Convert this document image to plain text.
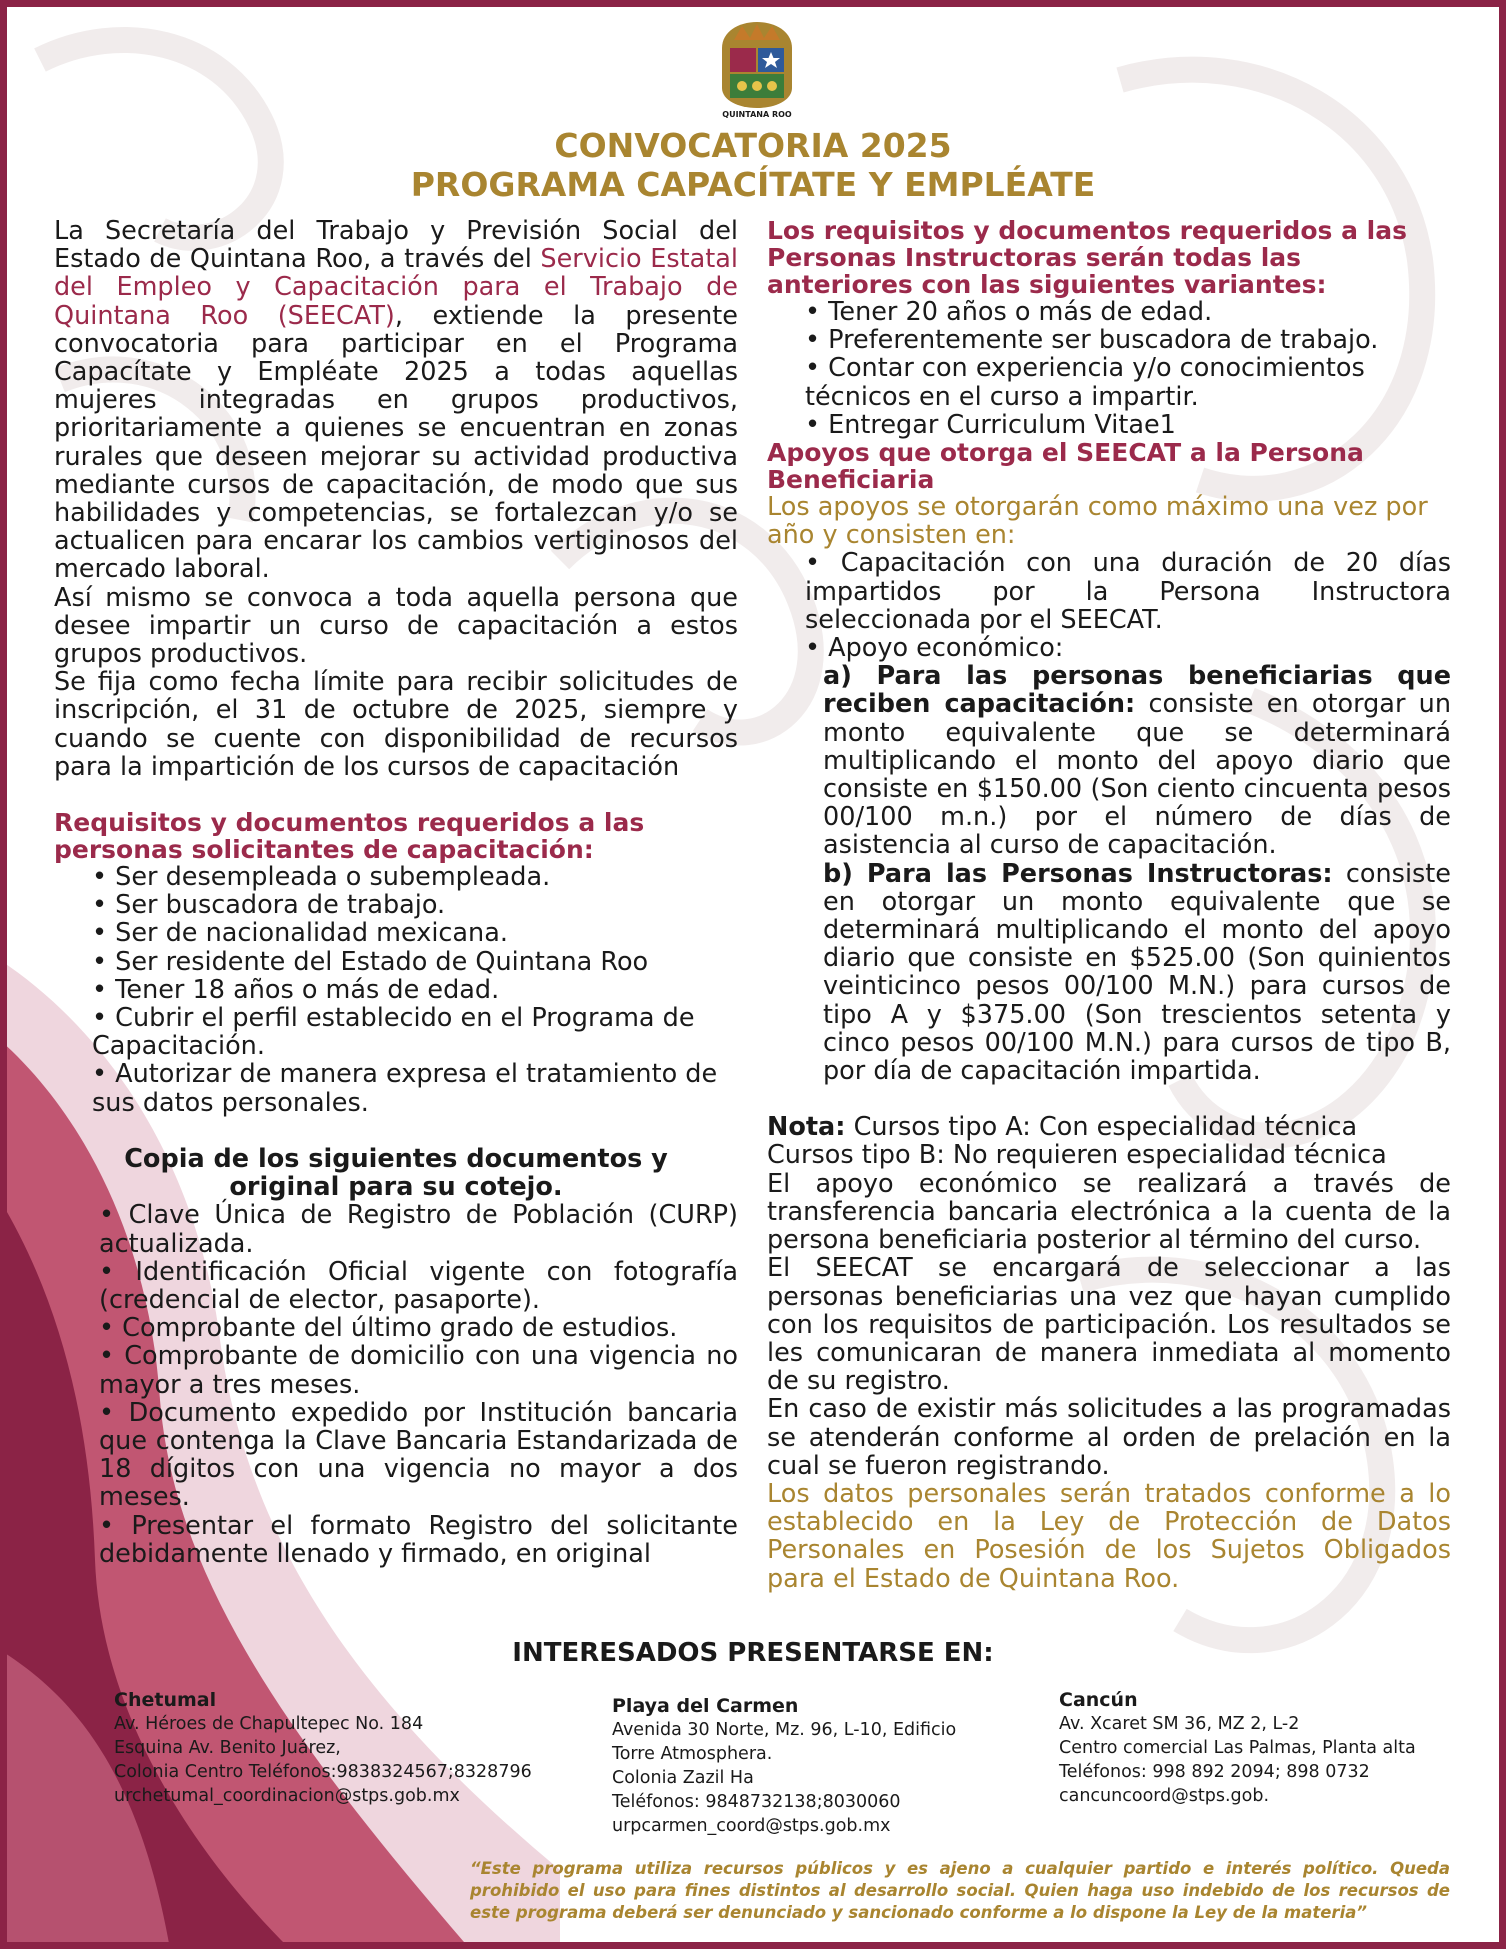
QUINTANA ROO
CONVOCATORIA 2025
PROGRAMA CAPACÍTATE Y EMPLÉATE

La Secretaría del Trabajo y Previsión Social del Estado de Quintana Roo, a través del Servicio Estatal del Empleo y Capacitación para el Trabajo de Quintana Roo (SEECAT), extiende la presente convocatoria para participar en el Programa Capacítate y Empléate 2025 a todas aquellas mujeres integradas en grupos productivos, prioritariamente a quienes se encuentran en zonas rurales que deseen mejorar su actividad productiva mediante cursos de capacitación, de modo que sus habilidades y competencias, se fortalezcan y/o se actualicen para encarar los cambios vertiginosos del mercado laboral.

Así mismo se convoca a toda aquella persona que desee impartir un curso de capacitación a estos grupos productivos.

Se fija como fecha límite para recibir solicitudes de inscripción, el 31 de octubre de 2025, siempre y cuando se cuente con disponibilidad de recursos para la impartición de los cursos de capacitación

Requisitos y documentos requeridos a las personas solicitantes de capacitación:

• Ser desempleada o subempleada.

• Ser buscadora de trabajo.

• Ser de nacionalidad mexicana.

• Ser residente del Estado de Quintana Roo

• Tener 18 años o más de edad.

• Cubrir el perfil establecido en el Programa de Capacitación.

• Autorizar de manera expresa el tratamiento de sus datos personales.

Copia de los siguientes documentos y original para su cotejo.

• Clave Única de Registro de Población (CURP) actualizada.

• Identificación Oficial vigente con fotografía (credencial de elector, pasaporte).

• Comprobante del último grado de estudios.

• Comprobante de domicilio con una vigencia no mayor a tres meses.

• Documento expedido por Institución bancaria que contenga la Clave Bancaria Estandarizada de 18 dígitos con una vigencia no mayor a dos meses.

• Presentar el formato Registro del solicitante debidamente llenado y firmado, en original

Los requisitos y documentos requeridos a las Personas Instructoras serán todas las anteriores con las siguientes variantes:

• Tener 20 años o más de edad.

• Preferentemente ser buscadora de trabajo.

• Contar con experiencia y/o conocimientos técnicos en el curso a impartir.

• Entregar Curriculum Vitae1

Apoyos que otorga el SEECAT a la Persona Beneficiaria

Los apoyos se otorgarán como máximo una vez por año y consisten en:

• Capacitación con una duración de 20 días impartidos por la Persona Instructora seleccionada por el SEECAT.

• Apoyo económico:

a) Para las personas beneficiarias que reciben capacitación: consiste en otorgar un monto equivalente que se determinará multiplicando el monto del apoyo diario que consiste en $150.00 (Son ciento cincuenta pesos 00/100 m.n.) por el número de días de asistencia al curso de capacitación.

b) Para las Personas Instructoras: consiste en otorgar un monto equivalente que se determinará multiplicando el monto del apoyo diario que consiste en $525.00 (Son quinientos veinticinco pesos 00/100 M.N.) para cursos de tipo A y $375.00 (Son trescientos setenta y cinco pesos 00/100 M.N.) para cursos de tipo B, por día de capacitación impartida.

Nota: Cursos tipo A: Con especialidad técnica

Cursos tipo B: No requieren especialidad técnica

El apoyo económico se realizará a través de transferencia bancaria electrónica a la cuenta de la persona beneficiaria posterior al término del curso.

El SEECAT se encargará de seleccionar a las personas beneficiarias una vez que hayan cumplido con los requisitos de participación. Los resultados se les comunicaran de manera inmediata al momento de su registro.

En caso de existir más solicitudes a las programadas se atenderán conforme al orden de prelación en la cual se fueron registrando.

Los datos personales serán tratados conforme a lo establecido en la Ley de Protección de Datos Personales en Posesión de los Sujetos Obligados para el Estado de Quintana Roo.

INTERESADOS PRESENTARSE EN:

Chetumal
Av. Héroes de Chapultepec No. 184
Esquina Av. Benito Juárez,
Colonia Centro Teléfonos:9838324567;8328796
urchetumal_coordinacion@stps.gob.mx
Playa del Carmen
Avenida 30 Norte, Mz. 96, L-10, Edificio
Torre Atmosphera.
Colonia Zazil Ha
Teléfonos: 9848732138;8030060
urpcarmen_coord@stps.gob.mx
Cancún
Av. Xcaret SM 36, MZ 2, L-2
Centro comercial Las Palmas, Planta alta
Teléfonos: 998 892 2094; 898 0732
cancuncoord@stps.gob.

“Este programa utiliza recursos públicos y es ajeno a cualquier partido e interés político. Queda prohibido el uso para fines distintos al desarrollo social. Quien haga uso indebido de los recursos de este programa deberá ser denunciado y sancionado conforme a lo dispone la Ley de la materia”
